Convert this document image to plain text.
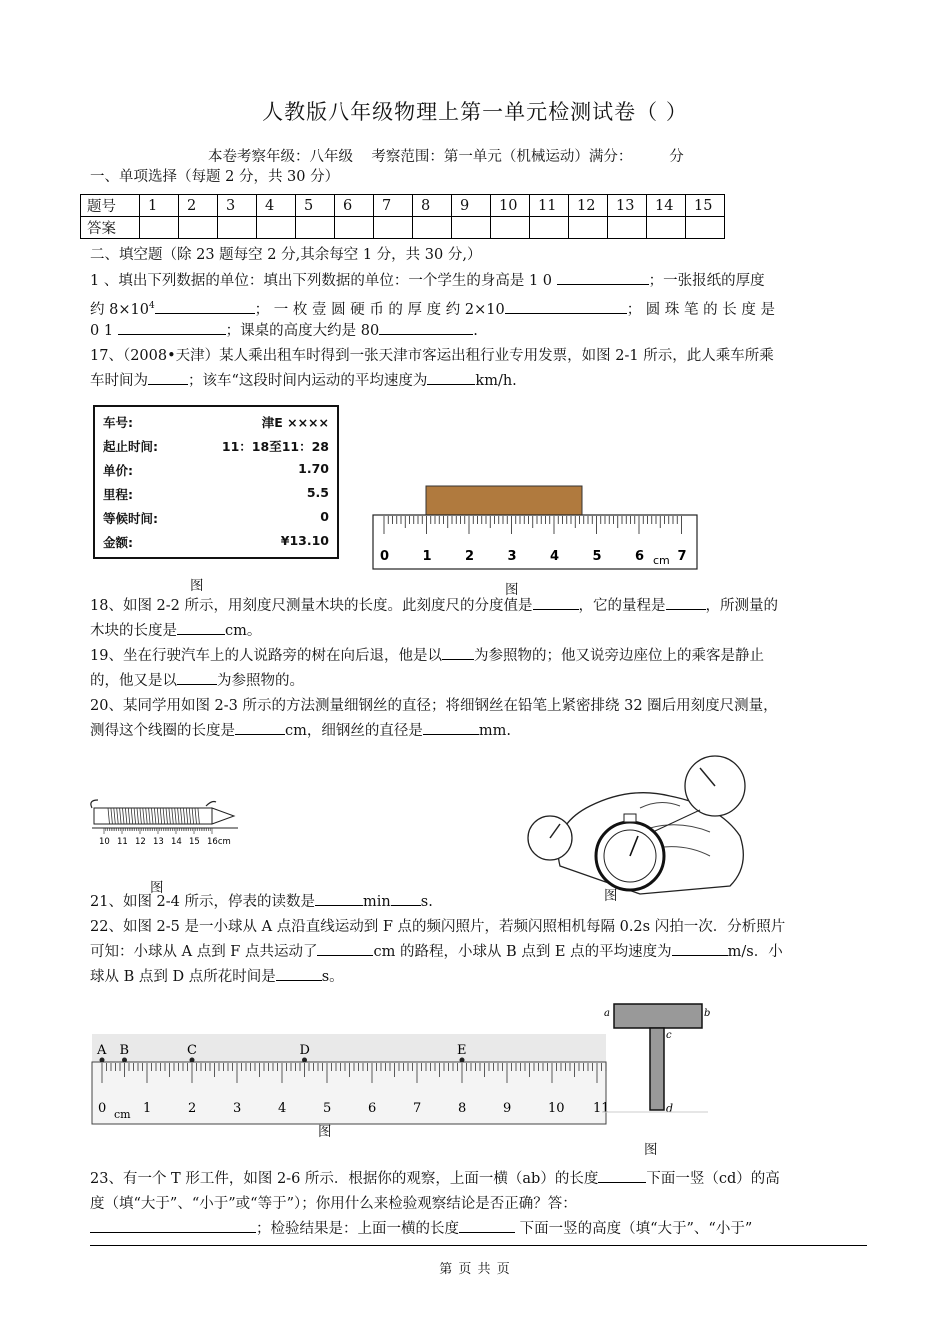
人教版八年级物理上第一单元检测试卷（ ）
本卷考察年级：八年级    考察范围：第一单元（机械运动）满分：        分
一、单项选择（每题 2 分，共 30 分）
题号	1	2	3	4	5	6	7	8	9	10	11	12	13	14	15
答案															
二、填空题（除 23 题每空 2 分,其余每空 1 分，共 30 分,）
1 、填出下列数据的单位：填出下列数据的单位：一个学生的身高是 1 0	；一张报纸的厚度
约 $8\times 10^4$	； 一 枚 壹 圆 硬 币 的 厚 度 约 2×10	； 圆 珠 笔 的 长 度 是
0 1	；课桌的高度大约是 80	.
17、（2008•天津）某人乘出租车时得到一张天津市客运出租行业专用发票，如图 2-1 所示，此人乘车所乘
车时间为	；该车“这段时间内运动的平均速度为	km/h.
车号:	津E ××××
起止时间:	11：18至11：28
单价:	1.70
里程:	5.5
等候时间:	0
金额:	¥13.10
图
0	1	2	3	4	5	6	7
cm
图
18、如图 2-2 所示，用刻度尺测量木块的长度。此刻度尺的分度值是	，它的量程是	，所测量的
木块的长度是	cm。
19、坐在行驶汽车上的人说路旁的树在向后退，他是以 为参照物的；他又说旁边座位上的乘客是静止
的，他又是以	为参照物的。
20、某同学用如图 2-3 所示的方法测量细钢丝的直径；将细钢丝在铅笔上紧密排绕 32 圈后用刻度尺测量，
测得这个线圈的长度是	cm，细钢丝的直径是	mm.
10 11 12 13 14 15 16cm
图	图
21、如图 2-4 所示，停表的读数是	min s.
22、如图 2-5 是一小球从 A 点沿直线运动到 F 点的频闪照片，若频闪照相机每隔 0.2s 闪拍一次．分析照片
可知：小球从 A 点到 F 点共运动了	cm 的路程，小球从 B 点到 E 点的平均速度为	m/s．小
球从 B 点到 D 点所花时间是	s。
A B	C	D	E
0	1	2	3	4	5	6	7	8	9	10 11
cm
图
a	b
c
d
图
23、有一个 T 形工件，如图 2-6 所示．根据你的观察，上面一横（ab）的长度	下面一竖（cd）的高
度（填“大于”、“小于”或“等于”）；你用什么来检验观察结论是否正确？答：
；检验结果是：上面一横的长度	下面一竖的高度（填“大于”、“小于”
第 页 共 页
